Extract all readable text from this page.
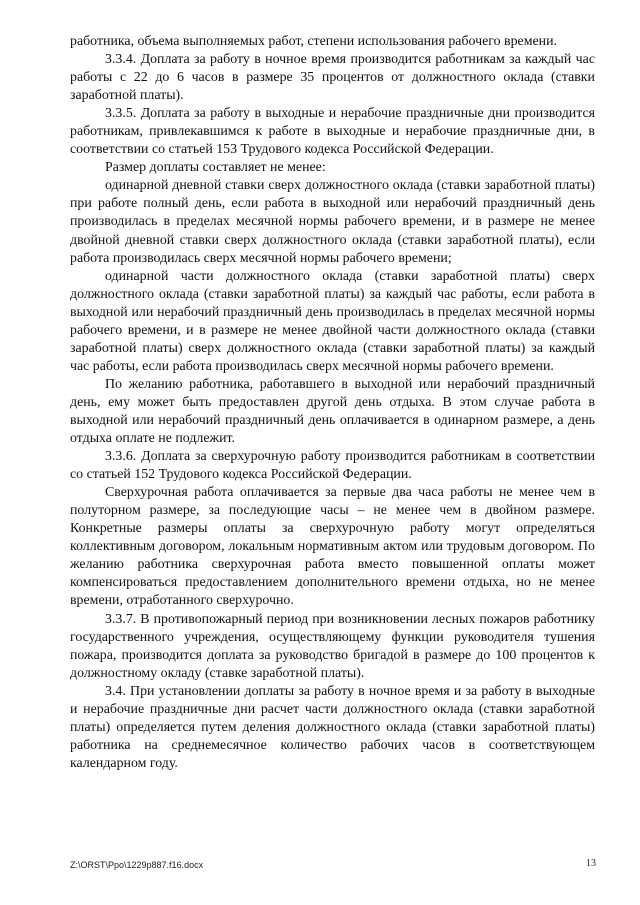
работника, объема выполняемых работ, степени использования рабочего времени.

3.3.4. Доплата за работу в ночное время производится работникам за каждый час работы с 22 до 6 часов в размере 35 процентов от должностного оклада (ставки заработной платы).

3.3.5. Доплата за работу в выходные и нерабочие праздничные дни производится работникам, привлекавшимся к работе в выходные и нерабочие праздничные дни, в соответствии со статьей 153 Трудового кодекса Российской Федерации.

Размер доплаты составляет не менее:

одинарной дневной ставки сверх должностного оклада (ставки заработной платы) при работе полный день, если работа в выходной или нерабочий праздничный день производилась в пределах месячной нормы рабочего времени, и в размере не менее двойной дневной ставки сверх должностного оклада (ставки заработной платы), если работа производилась сверх месячной нормы рабочего времени;

одинарной части должностного оклада (ставки заработной платы) сверх должностного оклада (ставки заработной платы) за каждый час работы, если работа в выходной или нерабочий праздничный день производилась в пределах месячной нормы рабочего времени, и в размере не менее двойной части должностного оклада (ставки заработной платы) сверх должностного оклада (ставки заработной платы) за каждый час работы, если работа производилась сверх месячной нормы рабочего времени.

По желанию работника, работавшего в выходной или нерабочий праздничный день, ему может быть предоставлен другой день отдыха. В этом случае работа в выходной или нерабочий праздничный день оплачивается в одинарном размере, а день отдыха оплате не подлежит.

3.3.6. Доплата за сверхурочную работу производится работникам в соответствии со статьей 152 Трудового кодекса Российской Федерации.

Сверхурочная работа оплачивается за первые два часа работы не менее чем в полуторном размере, за последующие часы – не менее чем в двойном размере. Конкретные размеры оплаты за сверхурочную работу могут определяться коллективным договором, локальным нормативным актом или трудовым договором. По желанию работника сверхурочная работа вместо повышенной оплаты может компенсироваться предоставлением дополнительного времени отдыха, но не менее времени, отработанного сверхурочно.

3.3.7. В противопожарный период при возникновении лесных пожаров работнику государственного учреждения, осуществляющему функции руководителя тушения пожара, производится доплата за руководство бригадой в размере до 100 процентов к должностному окладу (ставке заработной платы).

3.4. При установлении доплаты за работу в ночное время и за работу в выходные и нерабочие праздничные дни расчет части должностного оклада (ставки заработной платы) определяется путем деления должностного оклада (ставки заработной платы) работника на среднемесячное количество рабочих часов в соответствующем календарном году.

Z:\ORST\Ppo\1229p887.f16.docx	13
